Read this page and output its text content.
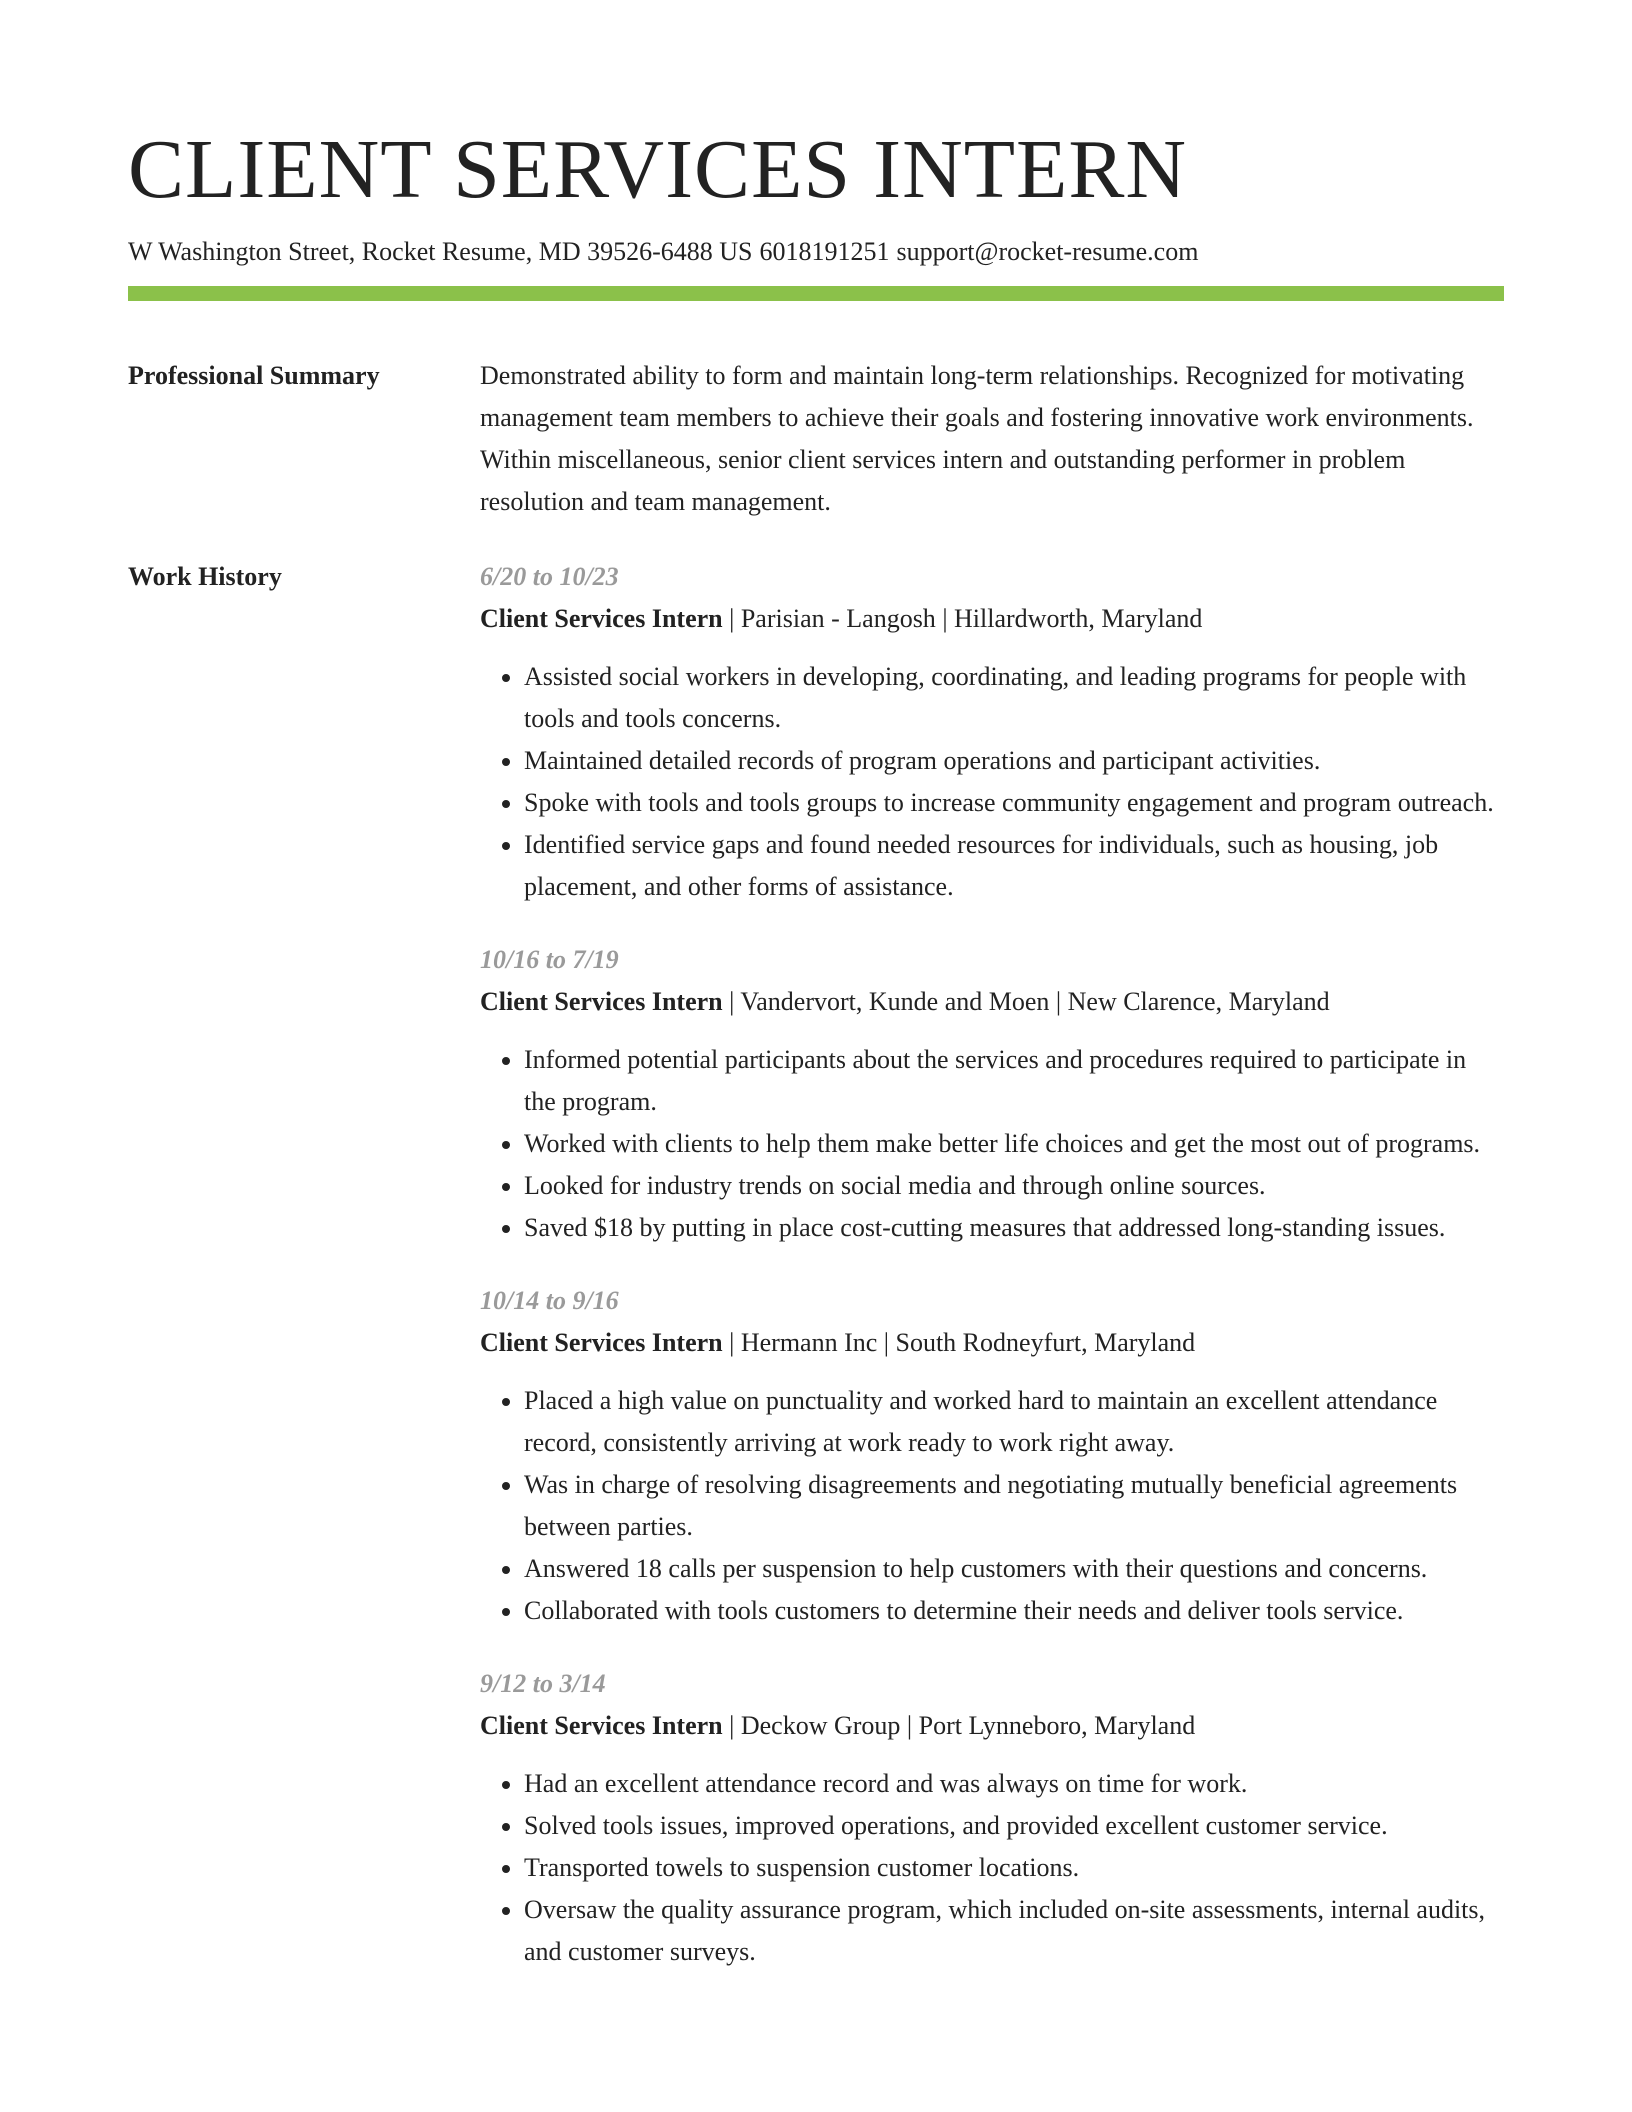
CLIENT SERVICES INTERN
W Washington Street, Rocket Resume, MD 39526-6488 US 6018191251 support@rocket-resume.com
Professional Summary	Demonstrated ability to form and maintain long-term relationships. Recognized for motivating management team members to achieve their goals and fostering innovative work environments. Within miscellaneous, senior client services intern and outstanding performer in problem resolution and team management.

Work History	6/20 to 10/23
Client Services Intern | Parisian - Langosh | Hillardworth, Maryland
• Assisted social workers in developing, coordinating, and leading programs for people with tools and tools concerns.
• Maintained detailed records of program operations and participant activities.
• Spoke with tools and tools groups to increase community engagement and program outreach.
• Identified service gaps and found needed resources for individuals, such as housing, job placement, and other forms of assistance.
10/16 to 7/19
Client Services Intern | Vandervort, Kunde and Moen | New Clarence, Maryland
• Informed potential participants about the services and procedures required to participate in the program.
• Worked with clients to help them make better life choices and get the most out of programs.
• Looked for industry trends on social media and through online sources.
• Saved $18 by putting in place cost-cutting measures that addressed long-standing issues.
10/14 to 9/16
Client Services Intern | Hermann Inc | South Rodneyfurt, Maryland
• Placed a high value on punctuality and worked hard to maintain an excellent attendance record, consistently arriving at work ready to work right away.
• Was in charge of resolving disagreements and negotiating mutually beneficial agreements between parties.
• Answered 18 calls per suspension to help customers with their questions and concerns.
• Collaborated with tools customers to determine their needs and deliver tools service.
9/12 to 3/14
Client Services Intern | Deckow Group | Port Lynneboro, Maryland
• Had an excellent attendance record and was always on time for work.
• Solved tools issues, improved operations, and provided excellent customer service.
• Transported towels to suspension customer locations.
• Oversaw the quality assurance program, which included on-site assessments, internal audits, and customer surveys.
